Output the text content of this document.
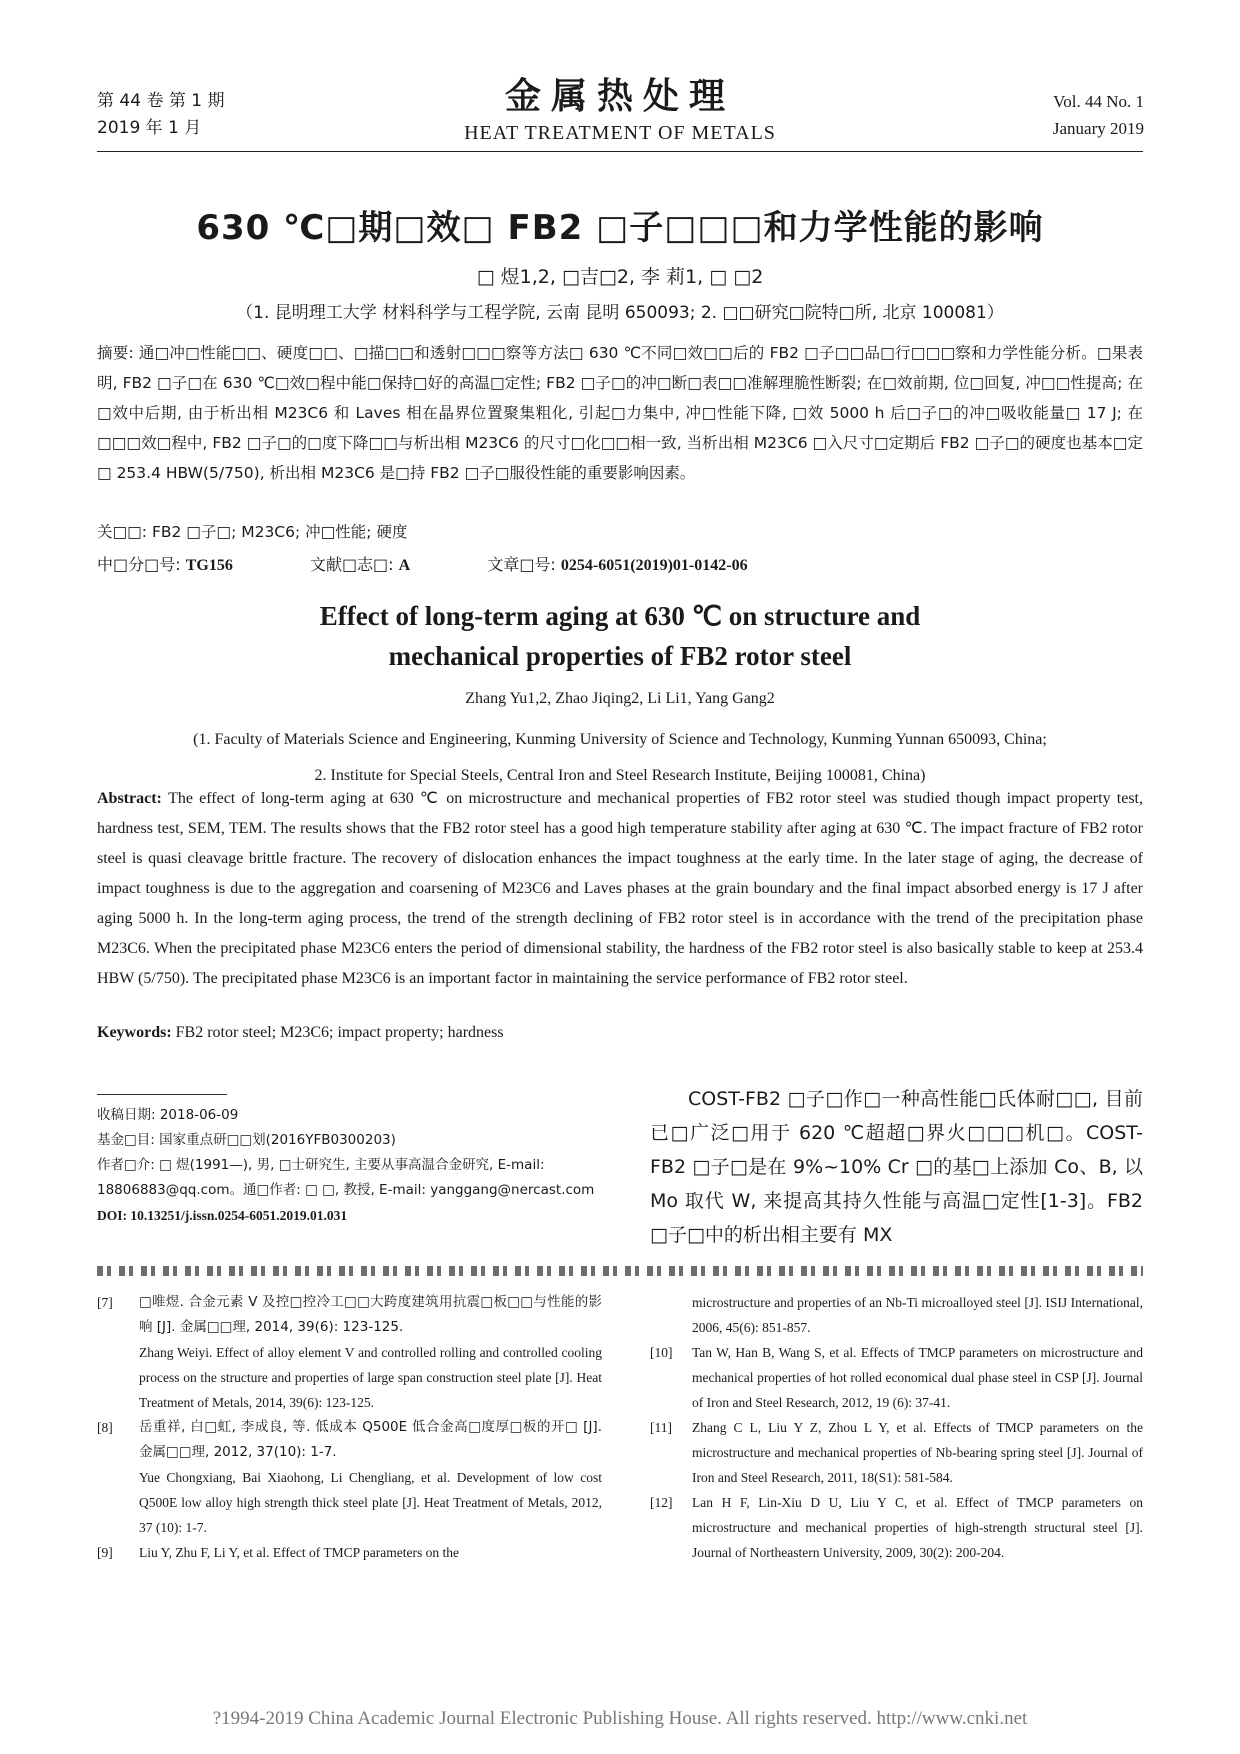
第 44 卷 第 1 期
2019 年 1 月
金属热处理
HEAT TREATMENT OF METALS
Vol. 44 No. 1
January 2019
630 ℃□期□效□ FB2 □子□□□和力学性能的影响
□ 煜1,2, □吉□2, 李 莉1, □ □2
（1. 昆明理工大学 材料科学与工程学院, 云南 昆明 650093; 2. □□研究□院特□所, 北京 100081）
摘要: 通□冲□性能□□、硬度□□、□描□□和透射□□□察等方法□ 630 ℃不同□效□□后的 FB2 □子□□品□行□□□察和力学性能分析。□果表明, FB2 □子□在 630 ℃□效□程中能□保持□好的高温□定性; FB2 □子□的冲□断□表□□准解理脆性断裂; 在□效前期, 位□回复, 冲□□性提高; 在□效中后期, 由于析出相 M23C6 和 Laves 相在晶界位置聚集粗化, 引起□力集中, 冲□性能下降, □效 5000 h 后□子□的冲□吸收能量□ 17 J; 在□□□效□程中, FB2 □子□的□度下降□□与析出相 M23C6 的尺寸□化□□相一致, 当析出相 M23C6 □入尺寸□定期后 FB2 □子□的硬度也基本□定□ 253.4 HBW(5/750), 析出相 M23C6 是□持 FB2 □子□服役性能的重要影响因素。
关□□: FB2 □子□; M23C6; 冲□性能; 硬度
中□分□号: TG156	文献□志□: A	文章□号: 0254-6051(2019)01-0142-06
Effect of long-term aging at 630 ℃ on structure and
mechanical properties of FB2 rotor steel
Zhang Yu1,2, Zhao Jiqing2, Li Li1, Yang Gang2
(1. Faculty of Materials Science and Engineering, Kunming University of Science and Technology, Kunming Yunnan 650093, China;
2. Institute for Special Steels, Central Iron and Steel Research Institute, Beijing 100081, China)
Abstract: The effect of long-term aging at 630 ℃ on microstructure and mechanical properties of FB2 rotor steel was studied though impact property test, hardness test, SEM, TEM. The results shows that the FB2 rotor steel has a good high temperature stability after aging at 630 ℃. The impact fracture of FB2 rotor steel is quasi cleavage brittle fracture. The recovery of dislocation enhances the impact toughness at the early time. In the later stage of aging, the decrease of impact toughness is due to the aggregation and coarsening of M23C6 and Laves phases at the grain boundary and the final impact absorbed energy is 17 J after aging 5000 h. In the long-term aging process, the trend of the strength declining of FB2 rotor steel is in accordance with the trend of the precipitation phase M23C6. When the precipitated phase M23C6 enters the period of dimensional stability, the hardness of the FB2 rotor steel is also basically stable to keep at 253.4 HBW (5/750). The precipitated phase M23C6 is an important factor in maintaining the service performance of FB2 rotor steel.
Keywords: FB2 rotor steel; M23C6; impact property; hardness
收稿日期: 2018-06-09
基金□目: 国家重点研□□划(2016YFB0300203)
作者□介: □ 煜(1991—), 男, □士研究生, 主要从事高温合金研究, E-mail: 18806883@qq.com。通□作者: □ □, 教授, E-mail: yanggang@nercast.com
DOI: 10.13251/j.issn.0254-6051.2019.01.031
COST-FB2 □子□作□一种高性能□氏体耐□□, 目前已□广泛□用于 620 ℃超超□界火□□□机□。COST-FB2 □子□是在 9%~10% Cr □的基□上添加 Co、B, 以 Mo 取代 W, 来提高其持久性能与高温□定性[1-3]。FB2 □子□中的析出相主要有 MX
[7] □唯煜. 合金元素 V 及控□控冷工□□大跨度建筑用抗震□板□□与性能的影响 [J]. 金属□□理, 2014, 39(6): 123-125.
Zhang Weiyi. Effect of alloy element V and controlled rolling and controlled cooling process on the structure and properties of large span construction steel plate [J]. Heat Treatment of Metals, 2014, 39(6): 123-125.
[8] 岳重祥, 白□虹, 李成良, 等. 低成本 Q500E 低合金高□度厚□板的开□ [J]. 金属□□理, 2012, 37(10): 1-7.
Yue Chongxiang, Bai Xiaohong, Li Chengliang, et al. Development of low cost Q500E low alloy high strength thick steel plate [J]. Heat Treatment of Metals, 2012, 37 (10): 1-7.
[9] Liu Y, Zhu F, Li Y, et al. Effect of TMCP parameters on the
microstructure and properties of an Nb-Ti microalloyed steel [J]. ISIJ International, 2006, 45(6): 851-857.
[10] Tan W, Han B, Wang S, et al. Effects of TMCP parameters on microstructure and mechanical properties of hot rolled economical dual phase steel in CSP [J]. Journal of Iron and Steel Research, 2012, 19 (6): 37-41.
[11] Zhang C L, Liu Y Z, Zhou L Y, et al. Effects of TMCP parameters on the microstructure and mechanical properties of Nb-bearing spring steel [J]. Journal of Iron and Steel Research, 2011, 18(S1): 581-584.
[12] Lan H F, Lin-Xiu D U, Liu Y C, et al. Effect of TMCP parameters on microstructure and mechanical properties of high-strength structural steel [J]. Journal of Northeastern University, 2009, 30(2): 200-204.
?1994-2019 China Academic Journal Electronic Publishing House. All rights reserved. http://www.cnki.net
